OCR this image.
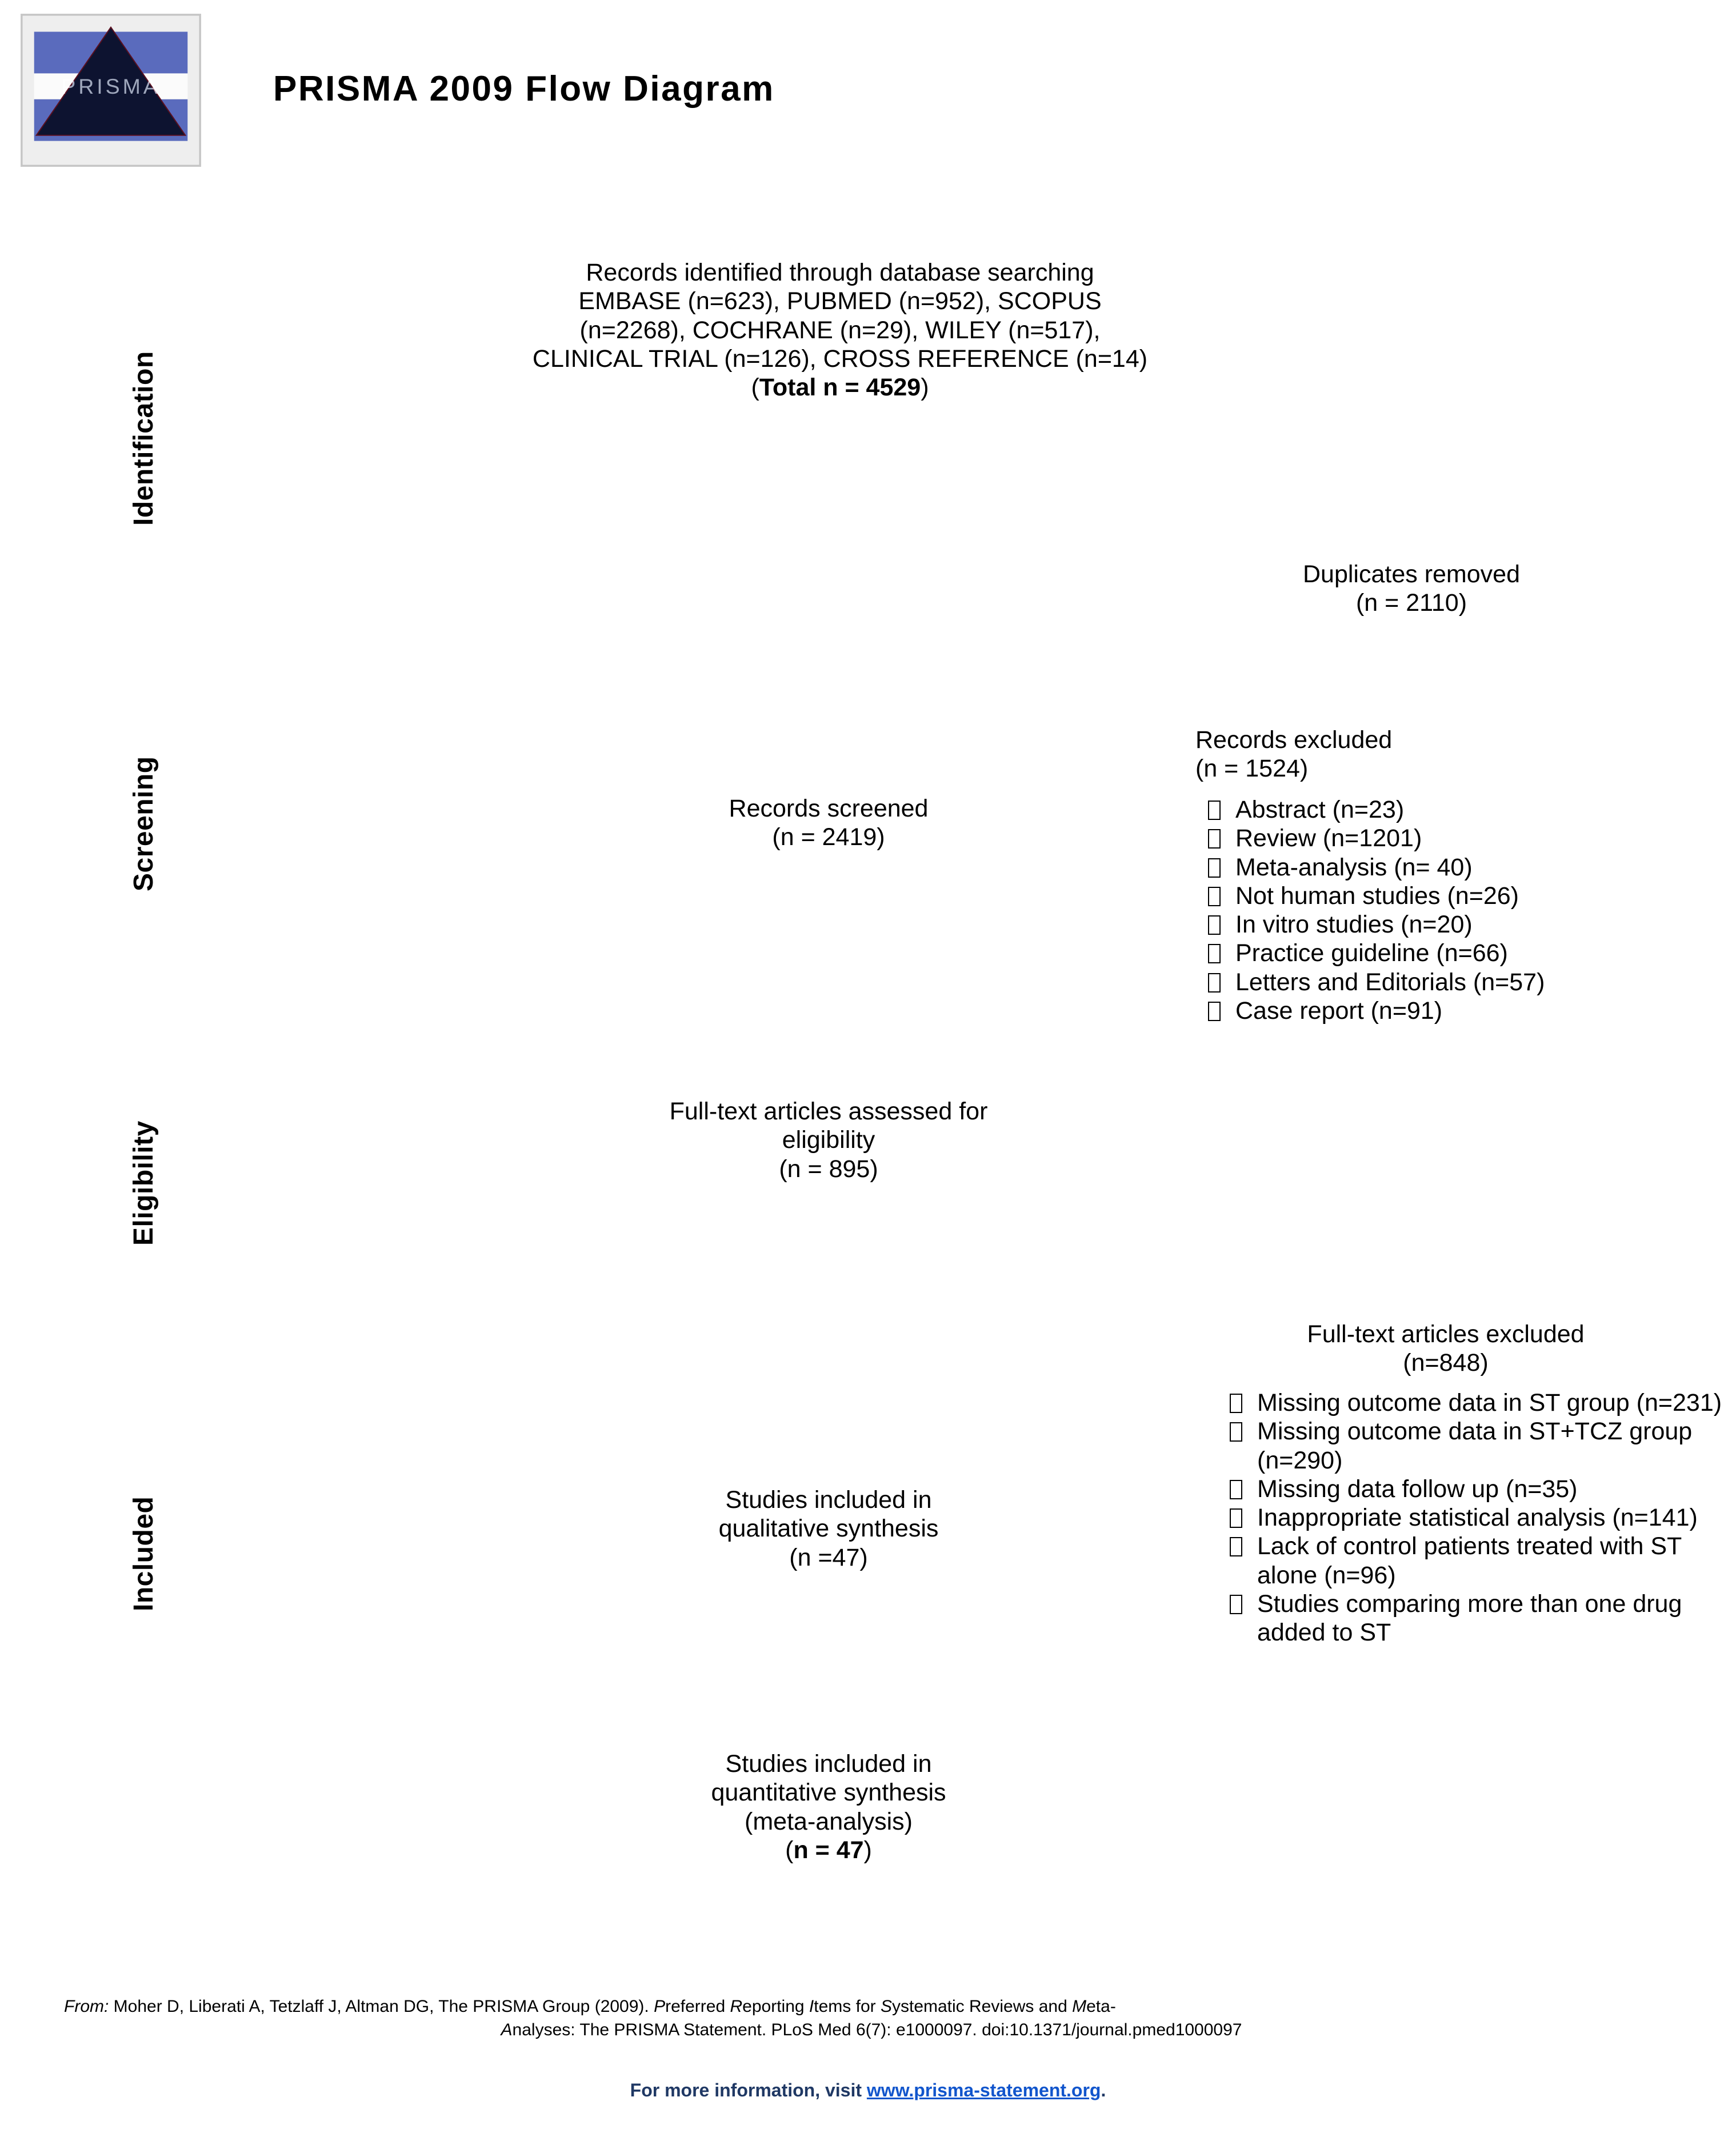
PRISMA	PRISMA 2009 Flow Diagram
Identification
Screening
Eligibility
Included
Records identified through database searching
EMBASE (n=623), PUBMED (n=952), SCOPUS
(n=2268), COCHRANE (n=29), WILEY (n=517),
CLINICAL TRIAL (n=126), CROSS REFERENCE (n=14)
(Total n = 4529)
Duplicates removed
(n = 2110)
Records screened
(n = 2419)
Records excluded
(n = 1524)
Abstract (n=23)
Review (n=1201)
Meta-analysis (n= 40)
Not human studies (n=26)
In vitro studies (n=20)
Practice guideline (n=66)
Letters and Editorials (n=57)
Case report (n=91)
Full-text articles assessed for
eligibility
(n = 895)
Full-text articles excluded
(n=848)
Missing outcome data in ST group (n=231)
Missing outcome data in ST+TCZ group (n=290)
Missing data follow up (n=35)
Inappropriate statistical analysis (n=141)
Lack of control patients treated with ST alone (n=96)
Studies comparing more than one drug added to ST
Studies included in
qualitative synthesis
(n =47)
Studies included in
quantitative synthesis
(meta-analysis)
(n = 47)
From: Moher D, Liberati A, Tetzlaff J, Altman DG, The PRISMA Group (2009). Preferred Reporting Items for Systematic Reviews and Meta-
Analyses: The PRISMA Statement. PLoS Med 6(7): e1000097. doi:10.1371/journal.pmed1000097
For more information, visit www.prisma-statement.org.
